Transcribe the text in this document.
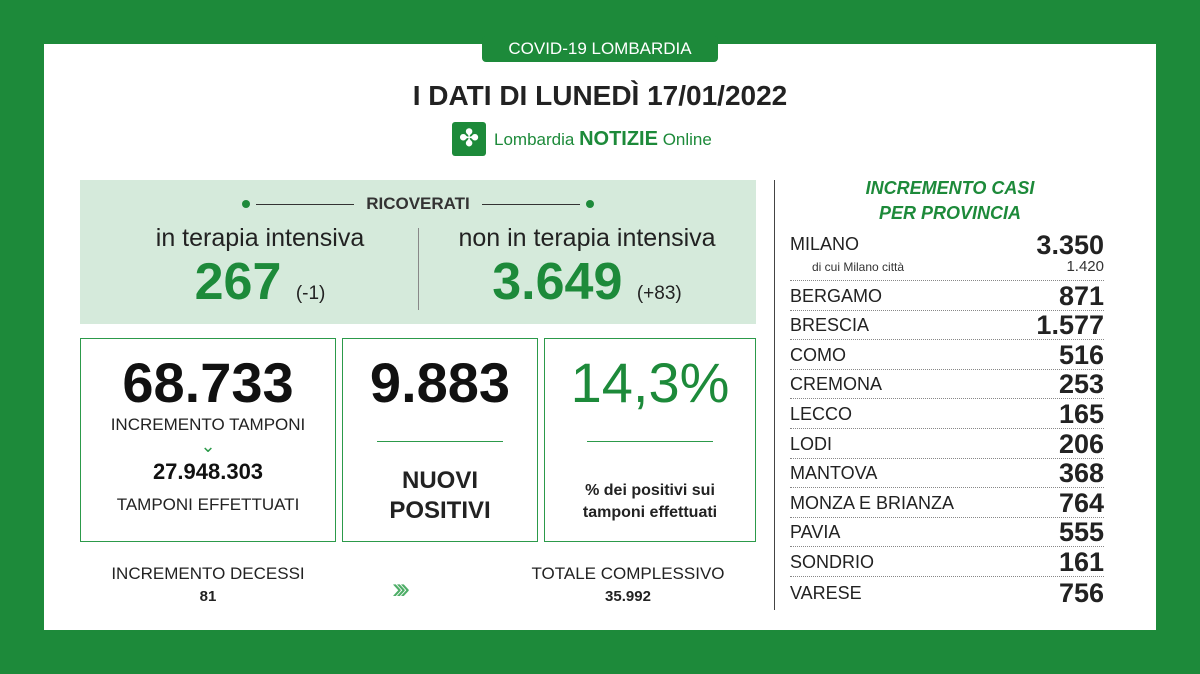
COVID-19 LOMBARDIA
I DATI DI LUNEDÌ 17/01/2022
✤ Lombardia NOTIZIE Online
RICOVERATI
in terapia intensiva
267 (-1)
non in terapia intensiva
3.649 (+83)
68.733
INCREMENTO TAMPONI
⌄
27.948.303
TAMPONI EFFETTUATI
9.883
NUOVI
POSITIVI
14,3%
% dei positivi sui
tamponi effettuati
INCREMENTO DECESSI
81	›››	TOTALE COMPLESSIVO
35.992
INCREMENTO CASI
PER PROVINCIA
MILANO	3.350
di cui Milano città	1.420
BERGAMO	871
BRESCIA	1.577
COMO	516
CREMONA	253
LECCO	165
LODI	206
MANTOVA	368
MONZA E BRIANZA	764
PAVIA	555
SONDRIO	161
VARESE	756
